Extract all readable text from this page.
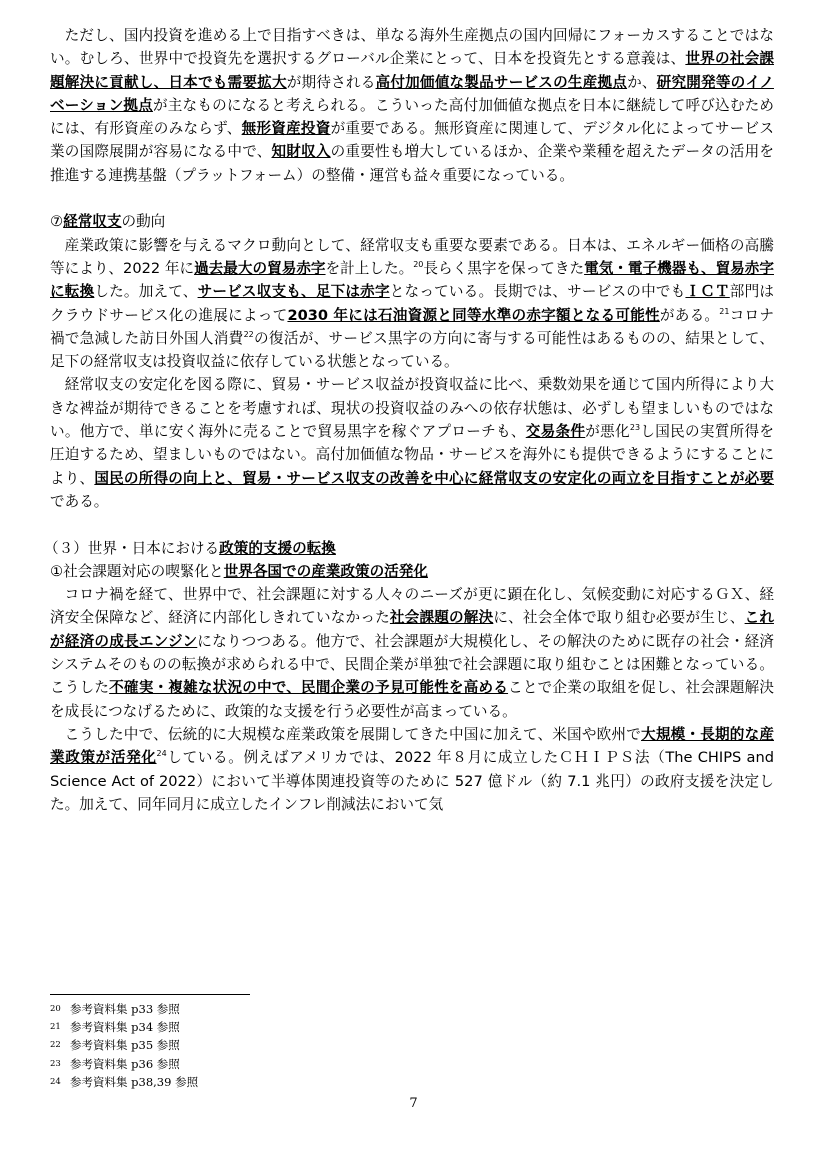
ただし、国内投資を進める上で目指すべきは、単なる海外生産拠点の国内回帰にフォーカスすることではない。むしろ、世界中で投資先を選択するグローバル企業にとって、日本を投資先とする意義は、世界の社会課題解決に貢献し、日本でも需要拡大が期待される高付加価値な製品サービスの生産拠点か、研究開発等のイノベーション拠点が主なものになると考えられる。こういった高付加価値な拠点を日本に継続して呼び込むためには、有形資産のみならず、無形資産投資が重要である。無形資産に関連して、デジタル化によってサービス業の国際展開が容易になる中で、知財収入の重要性も増大しているほか、企業や業種を超えたデータの活用を推進する連携基盤（プラットフォーム）の整備・運営も益々重要になっている。

⑦経常収支の動向

産業政策に影響を与えるマクロ動向として、経常収支も重要な要素である。日本は、エネルギー価格の高騰等により、2022 年に過去最大の貿易赤字を計上した。$^{20}$長らく黒字を保ってきた電気・電子機器も、貿易赤字に転換した。加えて、サービス収支も、足下は赤字となっている。長期では、サービスの中でもＩＣＴ部門はクラウドサービス化の進展によって2030 年には石油資源と同等水準の赤字額となる可能性がある。$^{21}$コロナ禍で急減した訪日外国人消費$^{22}$の復活が、サービス黒字の方向に寄与する可能性はあるものの、結果として、足下の経常収支は投資収益に依存している状態となっている。

経常収支の安定化を図る際に、貿易・サービス収益が投資収益に比べ、乗数効果を通じて国内所得により大きな裨益が期待できることを考慮すれば、現状の投資収益のみへの依存状態は、必ずしも望ましいものではない。他方で、単に安く海外に売ることで貿易黒字を稼ぐアプローチも、交易条件が悪化$^{23}$し国民の実質所得を圧迫するため、望ましいものではない。高付加価値な物品・サービスを海外にも提供できるようにすることにより、国民の所得の向上と、貿易・サービス収支の改善を中心に経常収支の安定化の両立を目指すことが必要である。

（３）世界・日本における政策的支援の転換

①社会課題対応の喫緊化と世界各国での産業政策の活発化

コロナ禍を経て、世界中で、社会課題に対する人々のニーズが更に顕在化し、気候変動に対応するＧＸ、経済安全保障など、経済に内部化しきれていなかった社会課題の解決に、社会全体で取り組む必要が生じ、これが経済の成長エンジンになりつつある。他方で、社会課題が大規模化し、その解決のために既存の社会・経済システムそのものの転換が求められる中で、民間企業が単独で社会課題に取り組むことは困難となっている。こうした不確実・複雑な状況の中で、民間企業の予見可能性を高めることで企業の取組を促し、社会課題解決を成長につなげるために、政策的な支援を行う必要性が高まっている。

こうした中で、伝統的に大規模な産業政策を展開してきた中国に加えて、米国や欧州で大規模・長期的な産業政策が活発化$^{24}$している。例えばアメリカでは、2022 年８月に成立したＣＨＩＰＳ法（The CHIPS and Science Act of 2022）において半導体関連投資等のために 527 億ドル（約 7.1 兆円）の政府支援を決定した。加えて、同年同月に成立したインフレ削減法において気

20 参考資料集 p33 参照
21 参考資料集 p34 参照
22 参考資料集 p35 参照
23 参考資料集 p36 参照
24 参考資料集 p38,39 参照
7
